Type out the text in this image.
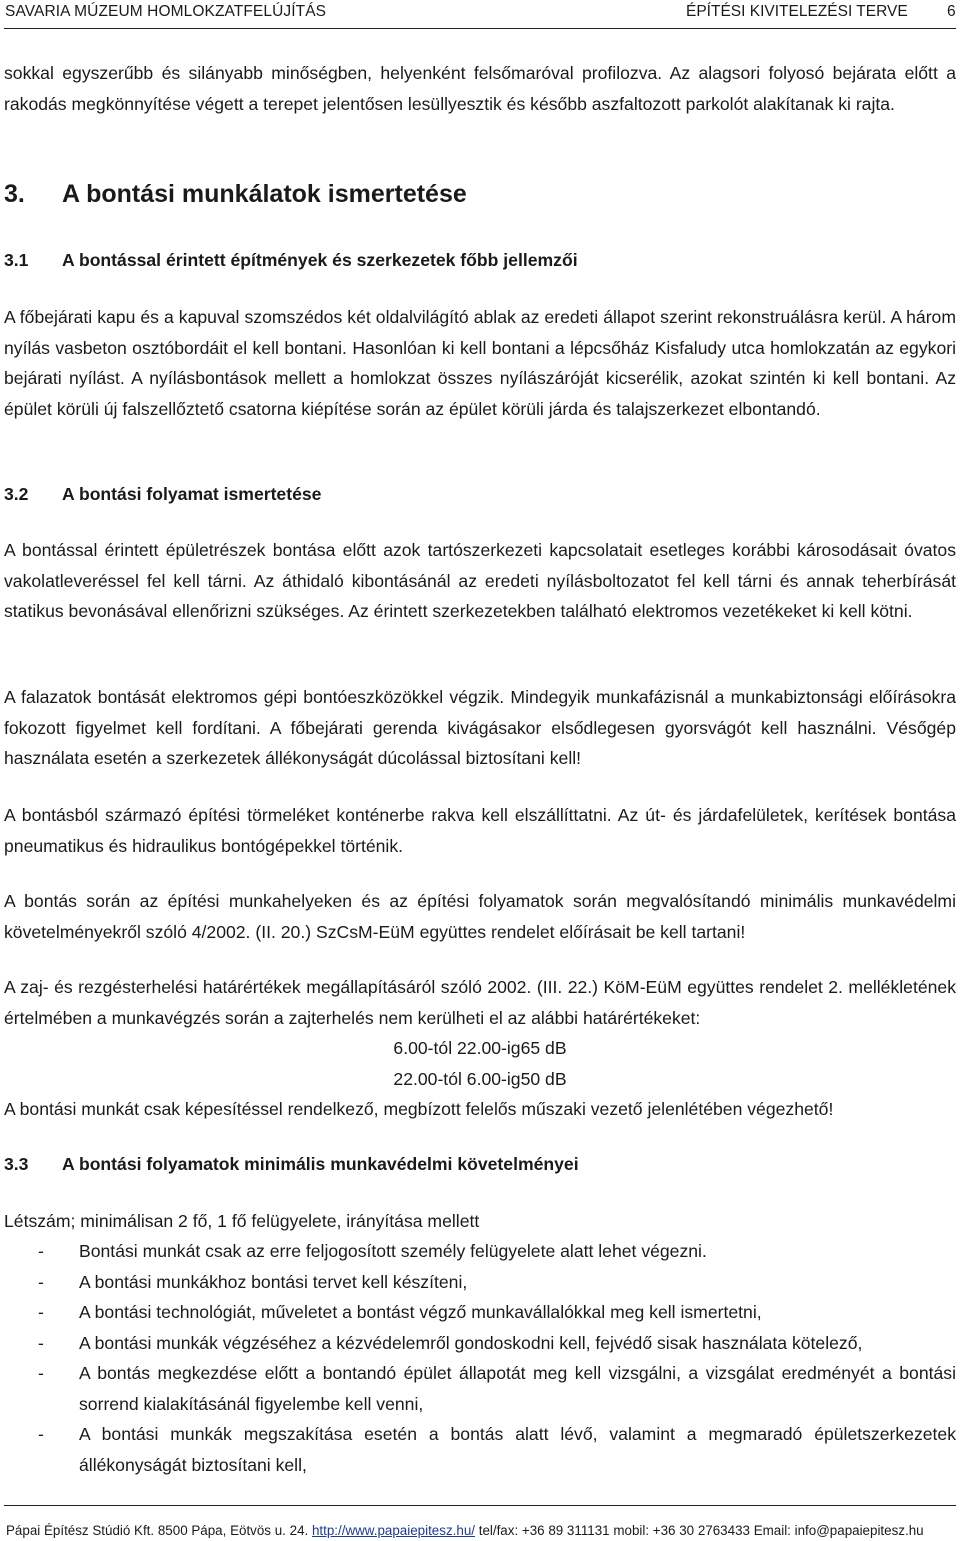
SAVARIA MÚZEUM HOMLOKZATFELÚJÍTÁS	ÉPÍTÉSI KIVITELEZÉSI TERVE	6

sokkal egyszerűbb és silányabb minőségben, helyenként felsőmaróval profilozva. Az alagsori folyosó bejárata előtt a rakodás megkönnyítése végett a terepet jelentősen lesüllyesztik és később aszfaltozott parkolót alakítanak ki rajta.

3. A bontási munkálatok ismertetése
3.1 A bontással érintett építmények és szerkezetek főbb jellemzői

A főbejárati kapu és a kapuval szomszédos két oldalvilágító ablak az eredeti állapot szerint rekonstruálásra kerül. A három nyílás vasbeton osztóbordáit el kell bontani. Hasonlóan ki kell bontani a lépcsőház Kisfaludy utca homlokzatán az egykori bejárati nyílást. A nyílásbontások mellett a homlokzat összes nyílászáróját kicserélik, azokat szintén ki kell bontani. Az épület körüli új falszellőztető csatorna kiépítése során az épület körüli járda és talajszerkezet elbontandó.

3.2 A bontási folyamat ismertetése

A bontással érintett épületrészek bontása előtt azok tartószerkezeti kapcsolatait esetleges korábbi károsodásait óvatos vakolatleveréssel fel kell tárni. Az áthidaló kibontásánál az eredeti nyílásboltozatot fel kell tárni és annak teherbírását statikus bevonásával ellenőrizni szükséges. Az érintett szerkezetekben található elektromos vezetékeket ki kell kötni.

A falazatok bontását elektromos gépi bontóeszközökkel végzik. Mindegyik munkafázisnál a munkabiztonsági előírásokra fokozott figyelmet kell fordítani. A főbejárati gerenda kivágásakor elsődlegesen gyorsvágót kell használni. Vésőgép használata esetén a szerkezetek állékonyságát dúcolással biztosítani kell!

A bontásból származó építési törmeléket konténerbe rakva kell elszállíttatni. Az út- és járdafelületek, kerítések bontása pneumatikus és hidraulikus bontógépekkel történik.

A bontás során az építési munkahelyeken és az építési folyamatok során megvalósítandó minimális munkavédelmi követelményekről szóló 4/2002. (II. 20.) SzCsM-EüM együttes rendelet előírásait be kell tartani!

A zaj- és rezgésterhelési határértékek megállapításáról szóló 2002. (III. 22.) KöM-EüM együttes rendelet 2. mellékletének értelmében a munkavégzés során a zajterhelés nem kerülheti el az alábbi határértékeket:

6.00-tól 22.00-ig65 dB
22.00-tól 6.00-ig50 dB

A bontási munkát csak képesítéssel rendelkező, megbízott felelős műszaki vezető jelenlétében végezhető!

3.3 A bontási folyamatok minimális munkavédelmi követelményei

Létszám; minimálisan 2 fő, 1 fő felügyelete, irányítása mellett

- Bontási munkát csak az erre feljogosított személy felügyelete alatt lehet végezni.
- A bontási munkákhoz bontási tervet kell készíteni,
- A bontási technológiát, műveletet a bontást végző munkavállalókkal meg kell ismertetni,
- A bontási munkák végzéséhez a kézvédelemről gondoskodni kell, fejvédő sisak használata kötelező,
- A bontás megkezdése előtt a bontandó épület állapotát meg kell vizsgálni, a vizsgálat eredményét a bontási sorrend kialakításánál figyelembe kell venni,
- A bontási munkák megszakítása esetén a bontás alatt lévő, valamint a megmaradó épületszerkezetek állékonyságát biztosítani kell,
Pápai Építész Stúdió Kft. 8500 Pápa, Eötvös u. 24. http://www.papaiepitesz.hu/ tel/fax: +36 89 311131 mobil: +36 30 2763433 Email: info@papaiepitesz.hu
